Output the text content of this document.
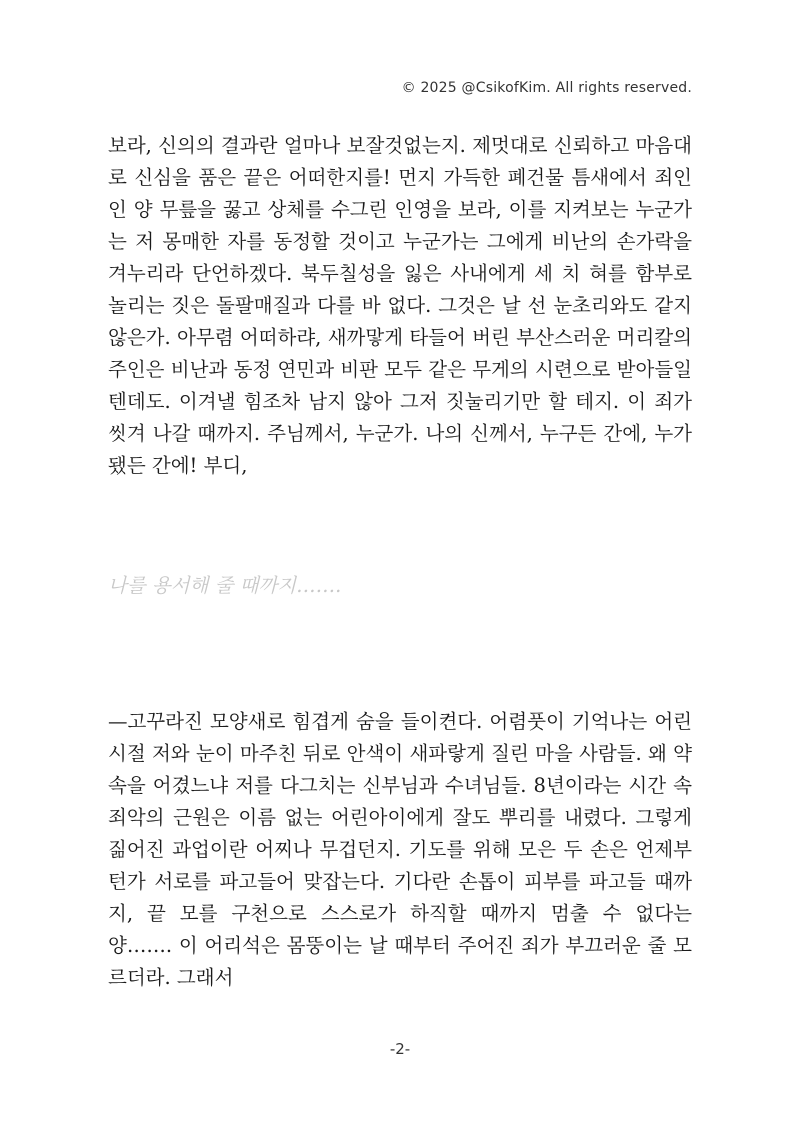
© 2025 @CsikofKim. All rights reserved.

보라, 신의의 결과란 얼마나 보잘것없는지. 제멋대로 신뢰하고 마음대로 신심을 품은 끝은 어떠한지를! 먼지 가득한 폐건물 틈새에서 죄인인 양 무릎을 꿇고 상체를 수그린 인영을 보라, 이를 지켜보는 누군가는 저 몽매한 자를 동정할 것이고 누군가는 그에게 비난의 손가락을 겨누리라 단언하겠다. 북두칠성을 잃은 사내에게 세 치 혀를 함부로 놀리는 짓은 돌팔매질과 다를 바 없다. 그것은 날 선 눈초리와도 같지 않은가. 아무렴 어떠하랴, 새까맣게 타들어 버린 부산스러운 머리칼의 주인은 비난과 동정 연민과 비판 모두 같은 무게의 시련으로 받아들일 텐데도. 이겨낼 힘조차 남지 않아 그저 짓눌리기만 할 테지. 이 죄가 씻겨 나갈 때까지. 주님께서, 누군가. 나의 신께서, 누구든 간에, 누가 됐든 간에! 부디,

나를 용서해 줄 때까지…….

—고꾸라진 모양새로 힘겹게 숨을 들이켠다. 어렴풋이 기억나는 어린 시절 저와 눈이 마주친 뒤로 안색이 새파랗게 질린 마을 사람들. 왜 약속을 어겼느냐 저를 다그치는 신부님과 수녀님들. 8년이라는 시간 속 죄악의 근원은 이름 없는 어린아이에게 잘도 뿌리를 내렸다. 그렇게 짊어진 과업이란 어찌나 무겁던지. 기도를 위해 모은 두 손은 언제부턴가 서로를 파고들어 맞잡는다. 기다란 손톱이 피부를 파고들 때까지, 끝 모를 구천으로 스스로가 하직할 때까지 멈출 수 없다는 양……. 이 어리석은 몸뚱이는 날 때부터 주어진 죄가 부끄러운 줄 모르더라. 그래서

-2-
